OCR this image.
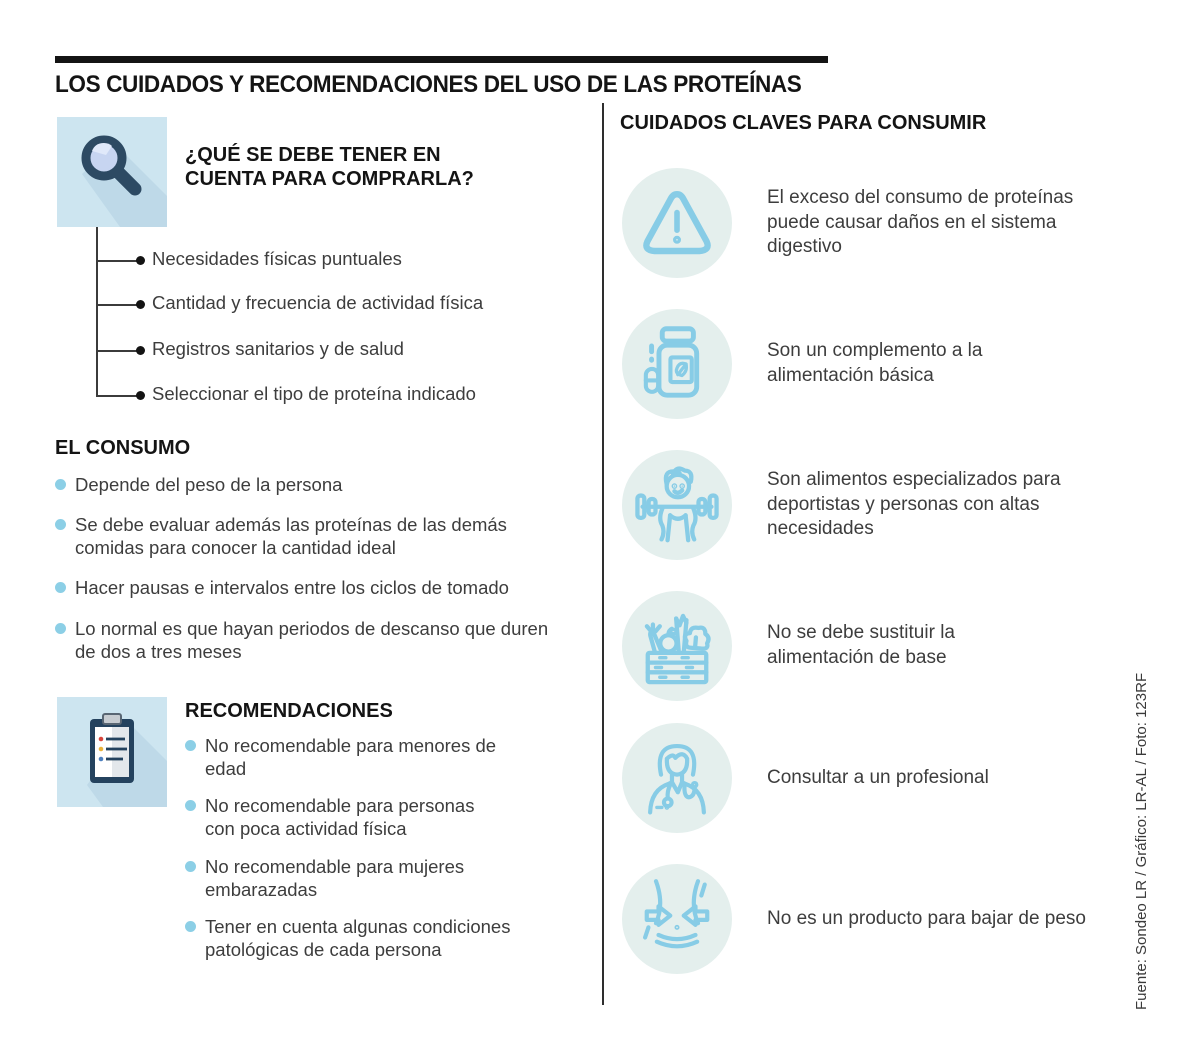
LOS CUIDADOS Y RECOMENDACIONES DEL USO DE LAS PROTEÍNAS
¿QUÉ SE DEBE TENER EN CUENTA PARA COMPRARLA?
Necesidades físicas puntuales
Cantidad y frecuencia de actividad física
Registros sanitarios y de salud
Seleccionar el tipo de proteína indicado
EL CONSUMO
Depende del peso de la persona
Se debe evaluar además las proteínas de las demás comidas para conocer la cantidad ideal
Hacer pausas e intervalos entre los ciclos de tomado
Lo normal es que hayan periodos de descanso que duren de dos a tres meses
RECOMENDACIONES
No recomendable para menores de edad
No recomendable para personas con poca actividad física
No recomendable para mujeres embarazadas
Tener en cuenta algunas condiciones patológicas de cada persona
CUIDADOS CLAVES PARA CONSUMIR
El exceso del consumo de proteínas puede causar daños en el sistema digestivo
Son un complemento a la alimentación básica
Son alimentos especializados para deportistas y personas con altas necesidades
No se debe sustituir la alimentación de base
Consultar a un profesional
No es un producto para bajar de peso	Fuente: Sondeo LR / Gráfico: LR-AL / Foto: 123RF
